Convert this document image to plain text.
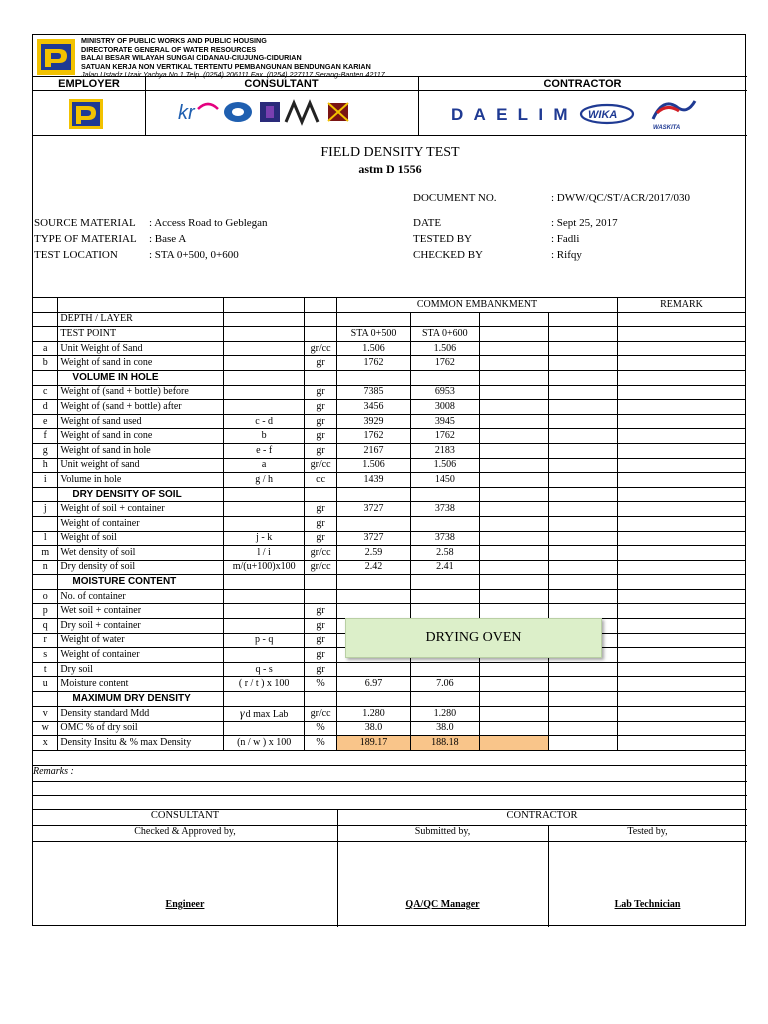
MINISTRY OF PUBLIC WORKS AND PUBLIC HOUSING
DIRECTORATE GENERAL OF WATER RESOURCES
BALAI BESAR WILAYAH SUNGAI CIDANAU-CIUJUNG-CIDURIAN
SATUAN KERJA NON VERTIKAL TERTENTU PEMBANGUNAN BENDUNGAN KARIAN
Jalan Ustadz Uzair Yachya No.1 Telp. (0254) 206111 Fax. (0254) 227117 Serang-Banten 42117
EMPLOYER	CONSULTANT	CONTRACTOR
kr	DAELIM WIKA
WASKITA
FIELD DENSITY TEST
astm D 1556
DOCUMENT NO.	: DWW/QC/ST/ACR/2017/030
SOURCE MATERIAL : Access Road to Geblegan
TYPE OF MATERIAL : Base A
TEST LOCATION	: STA 0+500, 0+600
DATE	: Sept 25, 2017
TESTED BY	: Fadli
CHECKED BY	: Rifqy
				COMMON EMBANKMENT				REMARK
	DEPTH / LAYER							
	TEST POINT			STA 0+500	STA 0+600			
a	Unit Weight of Sand		gr/cc	1.506	1.506			
b	Weight of sand in cone		gr	1762	1762			
	VOLUME IN HOLE							
c	Weight of (sand + bottle) before		gr	7385	6953			
d	Weight of (sand + bottle) after		gr	3456	3008			
e	Weight of sand used	c - d	gr	3929	3945			
f	Weight of sand in cone	b	gr	1762	1762			
g	Weight of sand in hole	e - f	gr	2167	2183			
h	Unit weight of sand	a	gr/cc	1.506	1.506			
i	Volume in hole	g / h	cc	1439	1450			
	DRY DENSITY OF SOIL							
j	Weight of soil + container		gr	3727	3738			
	Weight of container		gr					
l	Weight of soil	j - k	gr	3727	3738			
m	Wet density of soil	l / i	gr/cc	2.59	2.58			
n	Dry density of soil	m/(u+100)x100	gr/cc	2.42	2.41			
	MOISTURE CONTENT							
o	No. of container							
p	Wet soil + container		gr					
q	Dry soil + container		gr					
r	Weight of water	p - q	gr					
s	Weight of container		gr					
t	Dry soil	q - s	gr					
u	Moisture content	( r / t ) x 100	%	6.97	7.06			
	MAXIMUM DRY DENSITY							
v	Density standard Mdd	γd max Lab	gr/cc	1.280	1.280			
w	OMC % of dry soil		%	38.0	38.0			
x	Density Insitu & % max Density	(n / w ) x 100	%	189.17	188.18			
DRYING OVEN
Remarks :
CONSULTANT	CONTRACTOR
Checked & Approved by,	Submitted by,	Tested by,
Engineer	QA/QC Manager	Lab Technician
